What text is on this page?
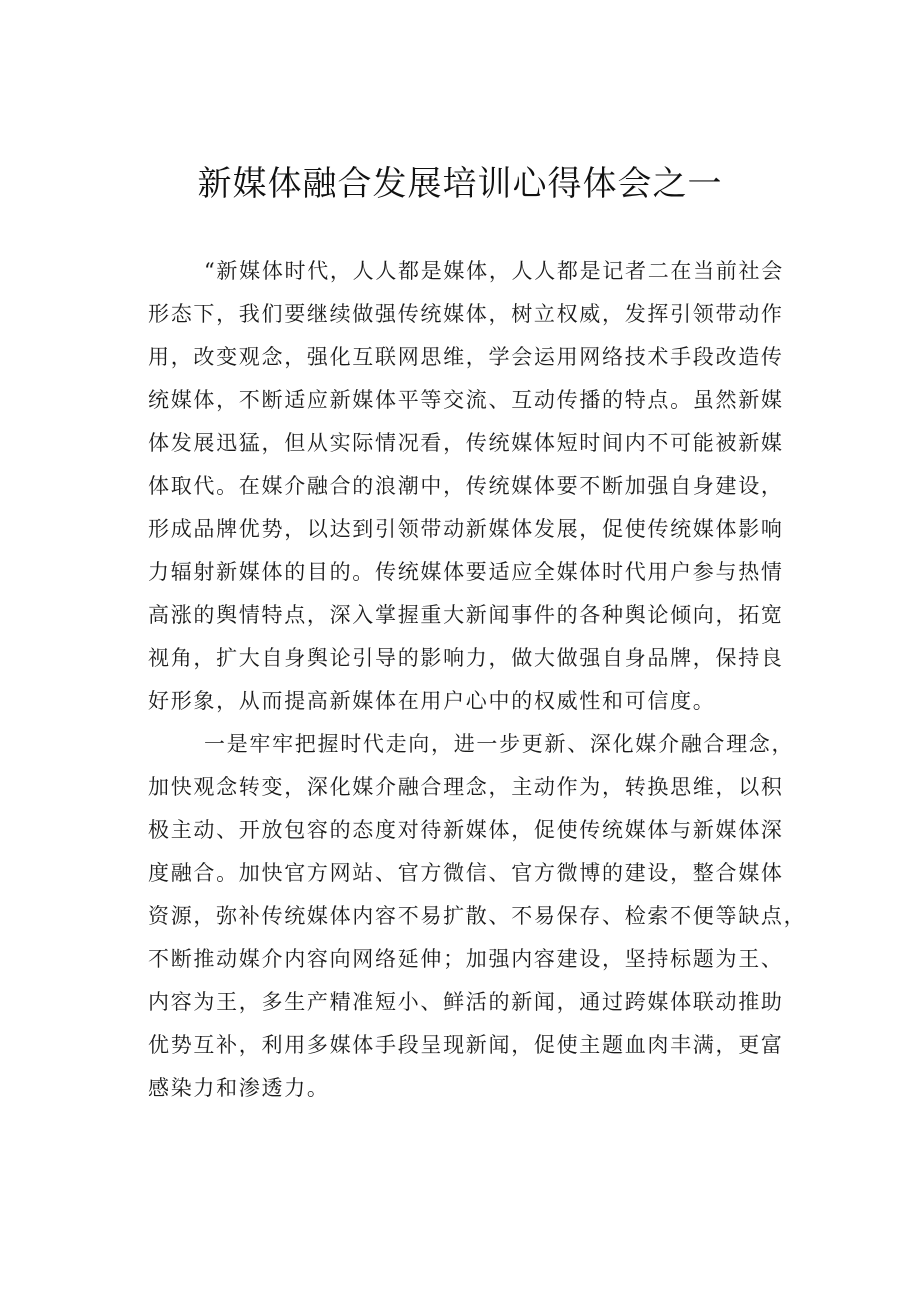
新媒体融合发展培训心得体会之一

“新媒体时代，人人都是媒体，人人都是记者二在当前社会
形态下，我们要继续做强传统媒体，树立权威，发挥引领带动作
用，改变观念，强化互联网思维，学会运用网络技术手段改造传
统媒体，不断适应新媒体平等交流、互动传播的特点。虽然新媒
体发展迅猛，但从实际情况看，传统媒体短时间内不可能被新媒
体取代。在媒介融合的浪潮中，传统媒体要不断加强自身建设，
形成品牌优势，以达到引领带动新媒体发展，促使传统媒体影响
力辐射新媒体的目的。传统媒体要适应全媒体时代用户参与热情
高涨的舆情特点，深入掌握重大新闻事件的各种舆论倾向，拓宽
视角，扩大自身舆论引导的影响力，做大做强自身品牌，保持良
好形象，从而提高新媒体在用户心中的权威性和可信度。

一是牢牢把握时代走向，进一步更新、深化媒介融合理念，
加快观念转变，深化媒介融合理念，主动作为，转换思维，以积
极主动、开放包容的态度对待新媒体，促使传统媒体与新媒体深
度融合。加快官方网站、官方微信、官方微博的建设，整合媒体
资源，弥补传统媒体内容不易扩散、不易保存、检索不便等缺点，
不断推动媒介内容向网络延伸；加强内容建设，坚持标题为王、
内容为王，多生产精准短小、鲜活的新闻，通过跨媒体联动推助
优势互补，利用多媒体手段呈现新闻，促使主题血肉丰满，更富
感染力和渗透力。
